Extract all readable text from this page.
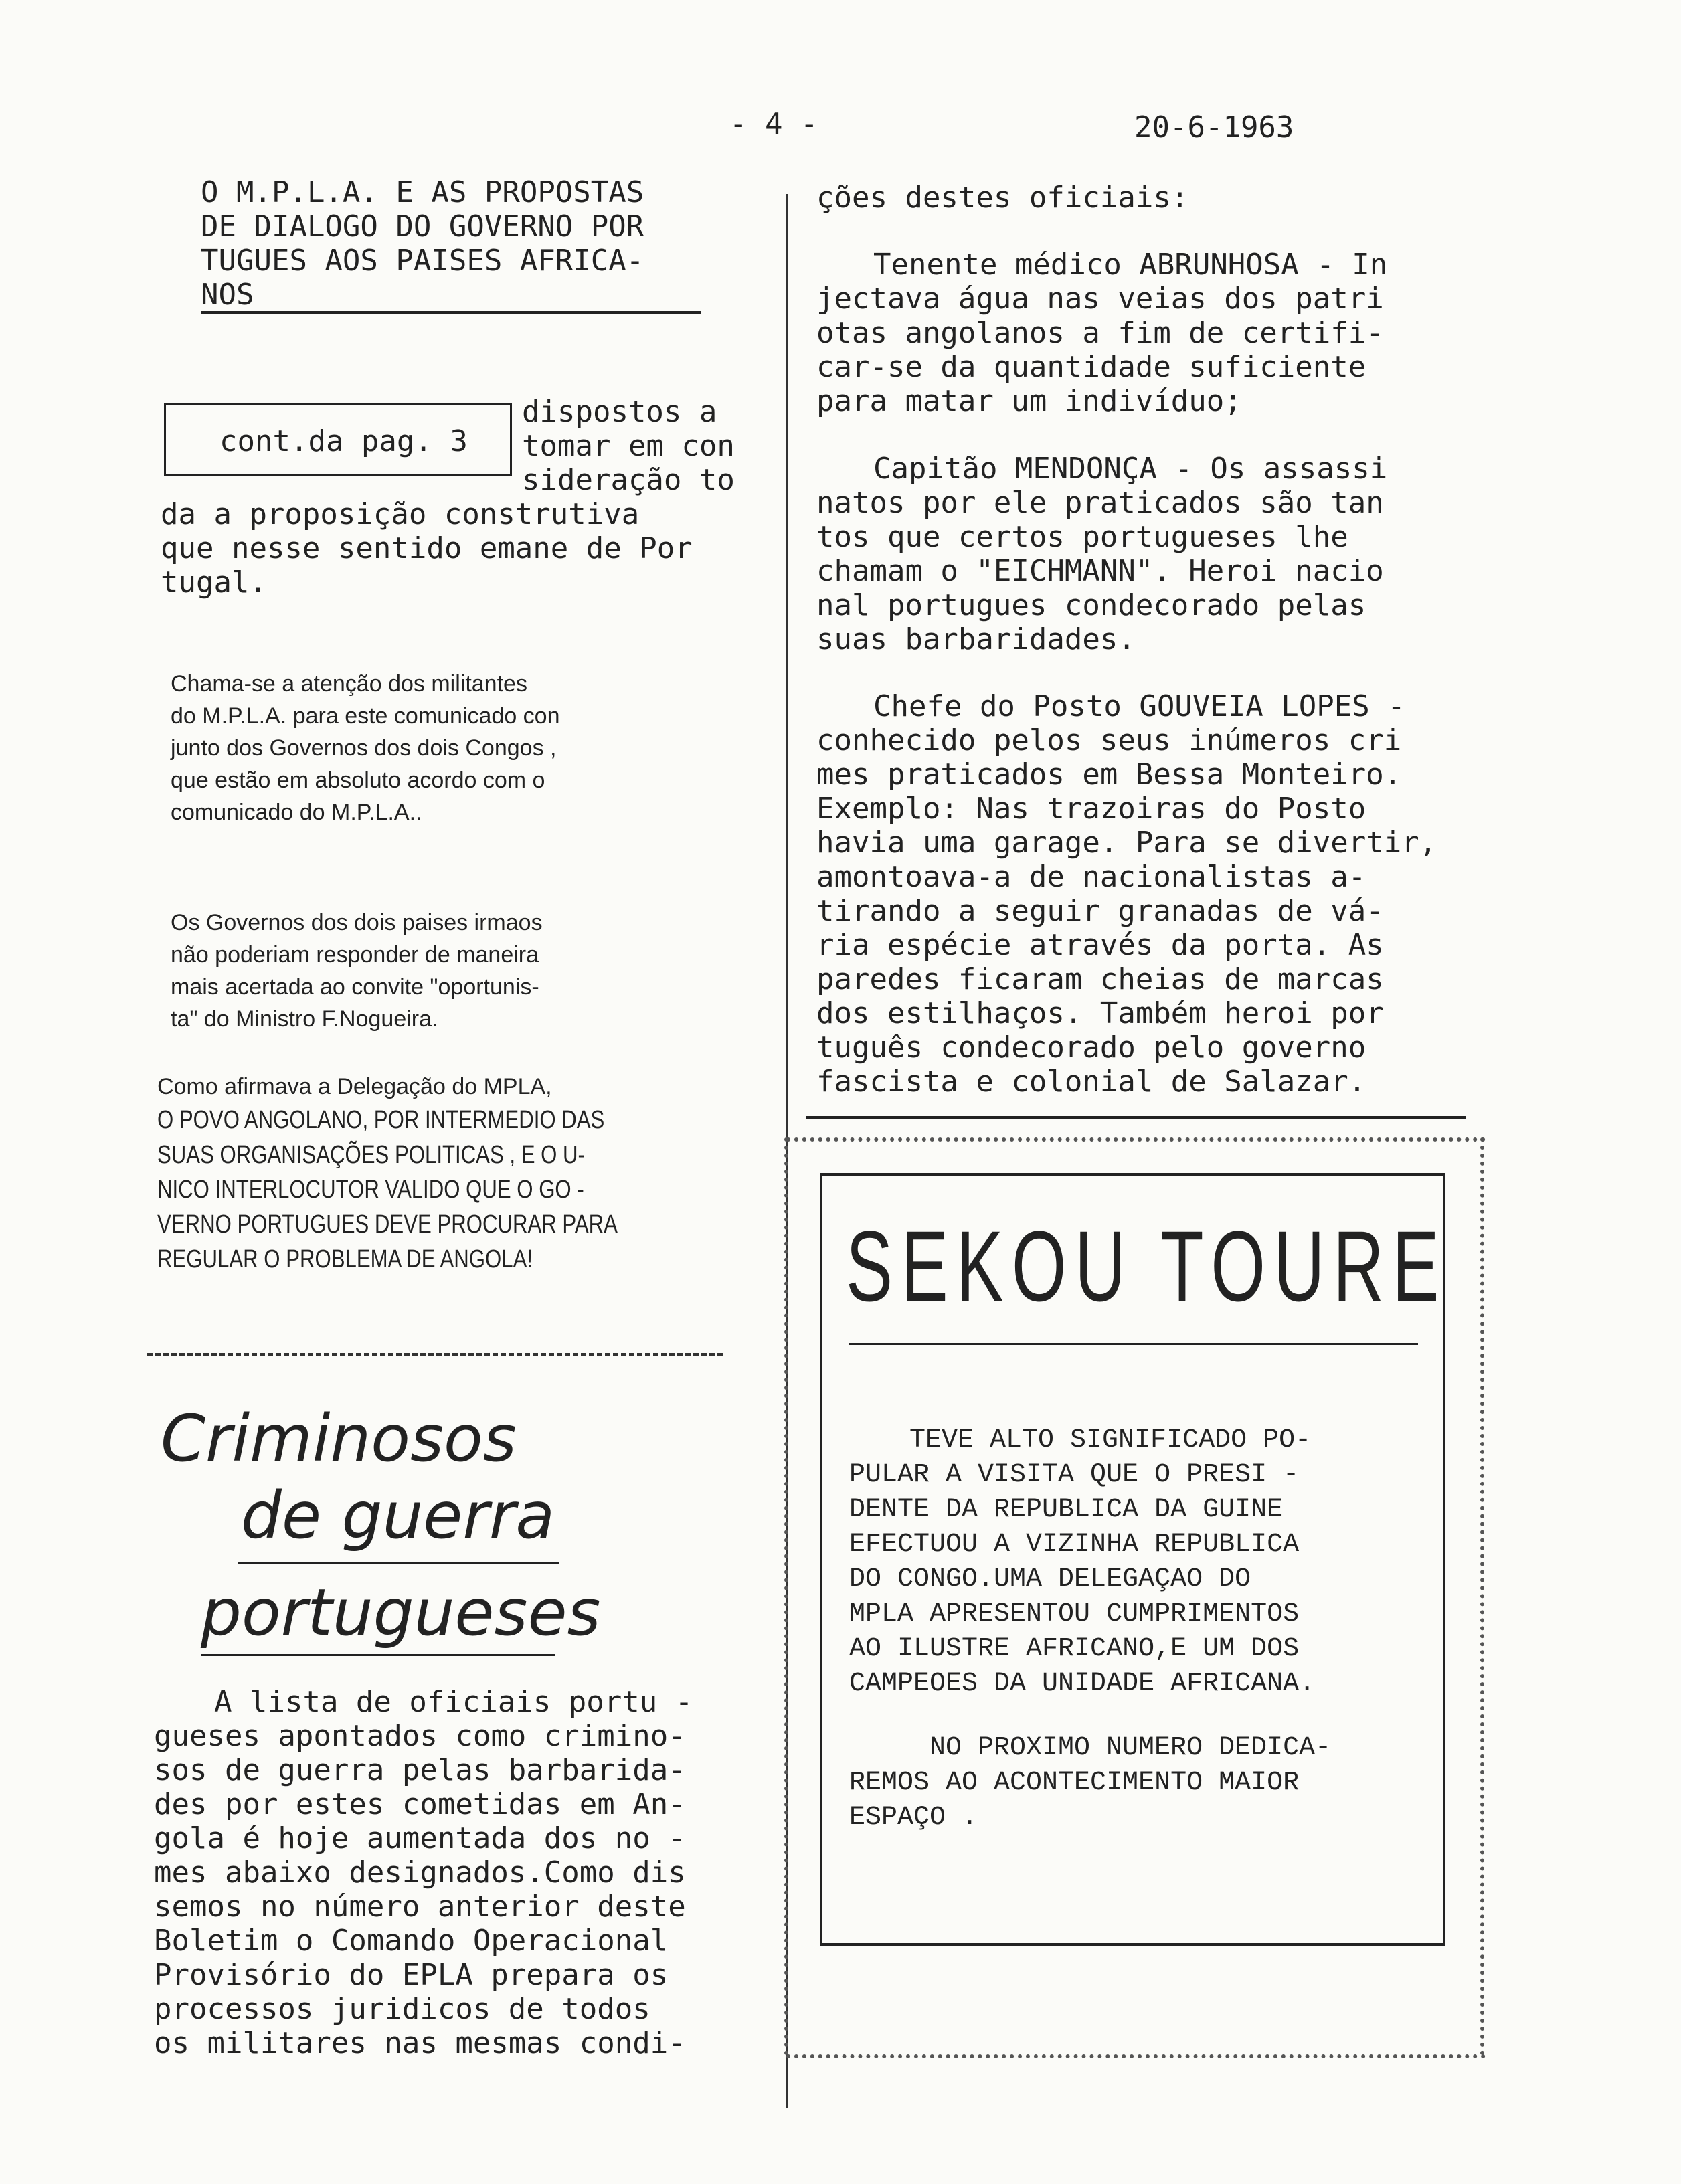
- 4 -	20-6-1963
O M.P.L.A. E AS PROPOSTAS
DE DIALOGO DO GOVERNO POR
TUGUES AOS PAISES AFRICA-
NOS
cont.da pag. 3
dispostos a
tomar em con
sideração to
da a proposição construtiva
que nesse sentido emane de Por
tugal.
Chama-se a atenção dos militantes
do M.P.L.A. para este comunicado con
junto dos Governos dos dois Congos ,
que estão em absoluto acordo com o
comunicado do M.P.L.A..
Os Governos dos dois paises irmaos
não poderiam responder de maneira
mais acertada ao convite "oportunis-
ta" do Ministro F.Nogueira.
Como afirmava a Delegação do MPLA,
O POVO ANGOLANO, POR INTERMEDIO DAS
SUAS ORGANISAÇÕES POLITICAS , E O U-
NICO INTERLOCUTOR VALIDO QUE O GO -
VERNO PORTUGUES DEVE PROCURAR PARA
REGULAR O PROBLEMA DE ANGOLA!
Criminosos
de guerra
portugueses
A lista de oficiais portu -
gueses apontados como crimino-
sos de guerra pelas barbarida-
des por estes cometidas em An-
gola é hoje aumentada dos no -
mes abaixo designados.Como dis
semos no número anterior deste
Boletim o Comando Operacional
Provisório do EPLA prepara os
processos juridicos de todos
os militares nas mesmas condi-
ções destes oficiais:
Tenente médico ABRUNHOSA - In
jectava água nas veias dos patri
otas angolanos a fim de certifi-
car-se da quantidade suficiente
para matar um indivíduo;
Capitão MENDONÇA - Os assassi
natos por ele praticados são tan
tos que certos portugueses lhe
chamam o "EICHMANN". Heroi nacio
nal portugues condecorado pelas
suas barbaridades.
Chefe do Posto GOUVEIA LOPES -
conhecido pelos seus inúmeros cri
mes praticados em Bessa Monteiro.
Exemplo: Nas trazoiras do Posto
havia uma garage. Para se divertir,
amontoava-a de nacionalistas a-
tirando a seguir granadas de vá-
ria espécie através da porta. As
paredes ficaram cheias de marcas
dos estilhaços. Também heroi por
tuguês condecorado pelo governo
fascista e colonial de Salazar.
SEKOU TOURE
TEVE ALTO SIGNIFICADO PO-
PULAR A VISITA QUE O PRESI -
DENTE DA REPUBLICA DA GUINE
EFECTUOU A VIZINHA REPUBLICA
DO CONGO.UMA DELEGAÇAO DO
MPLA APRESENTOU CUMPRIMENTOS
AO ILUSTRE AFRICANO,E UM DOS
CAMPEOES DA UNIDADE AFRICANA.
NO PROXIMO NUMERO DEDICA-
REMOS AO ACONTECIMENTO MAIOR
ESPAÇO .
